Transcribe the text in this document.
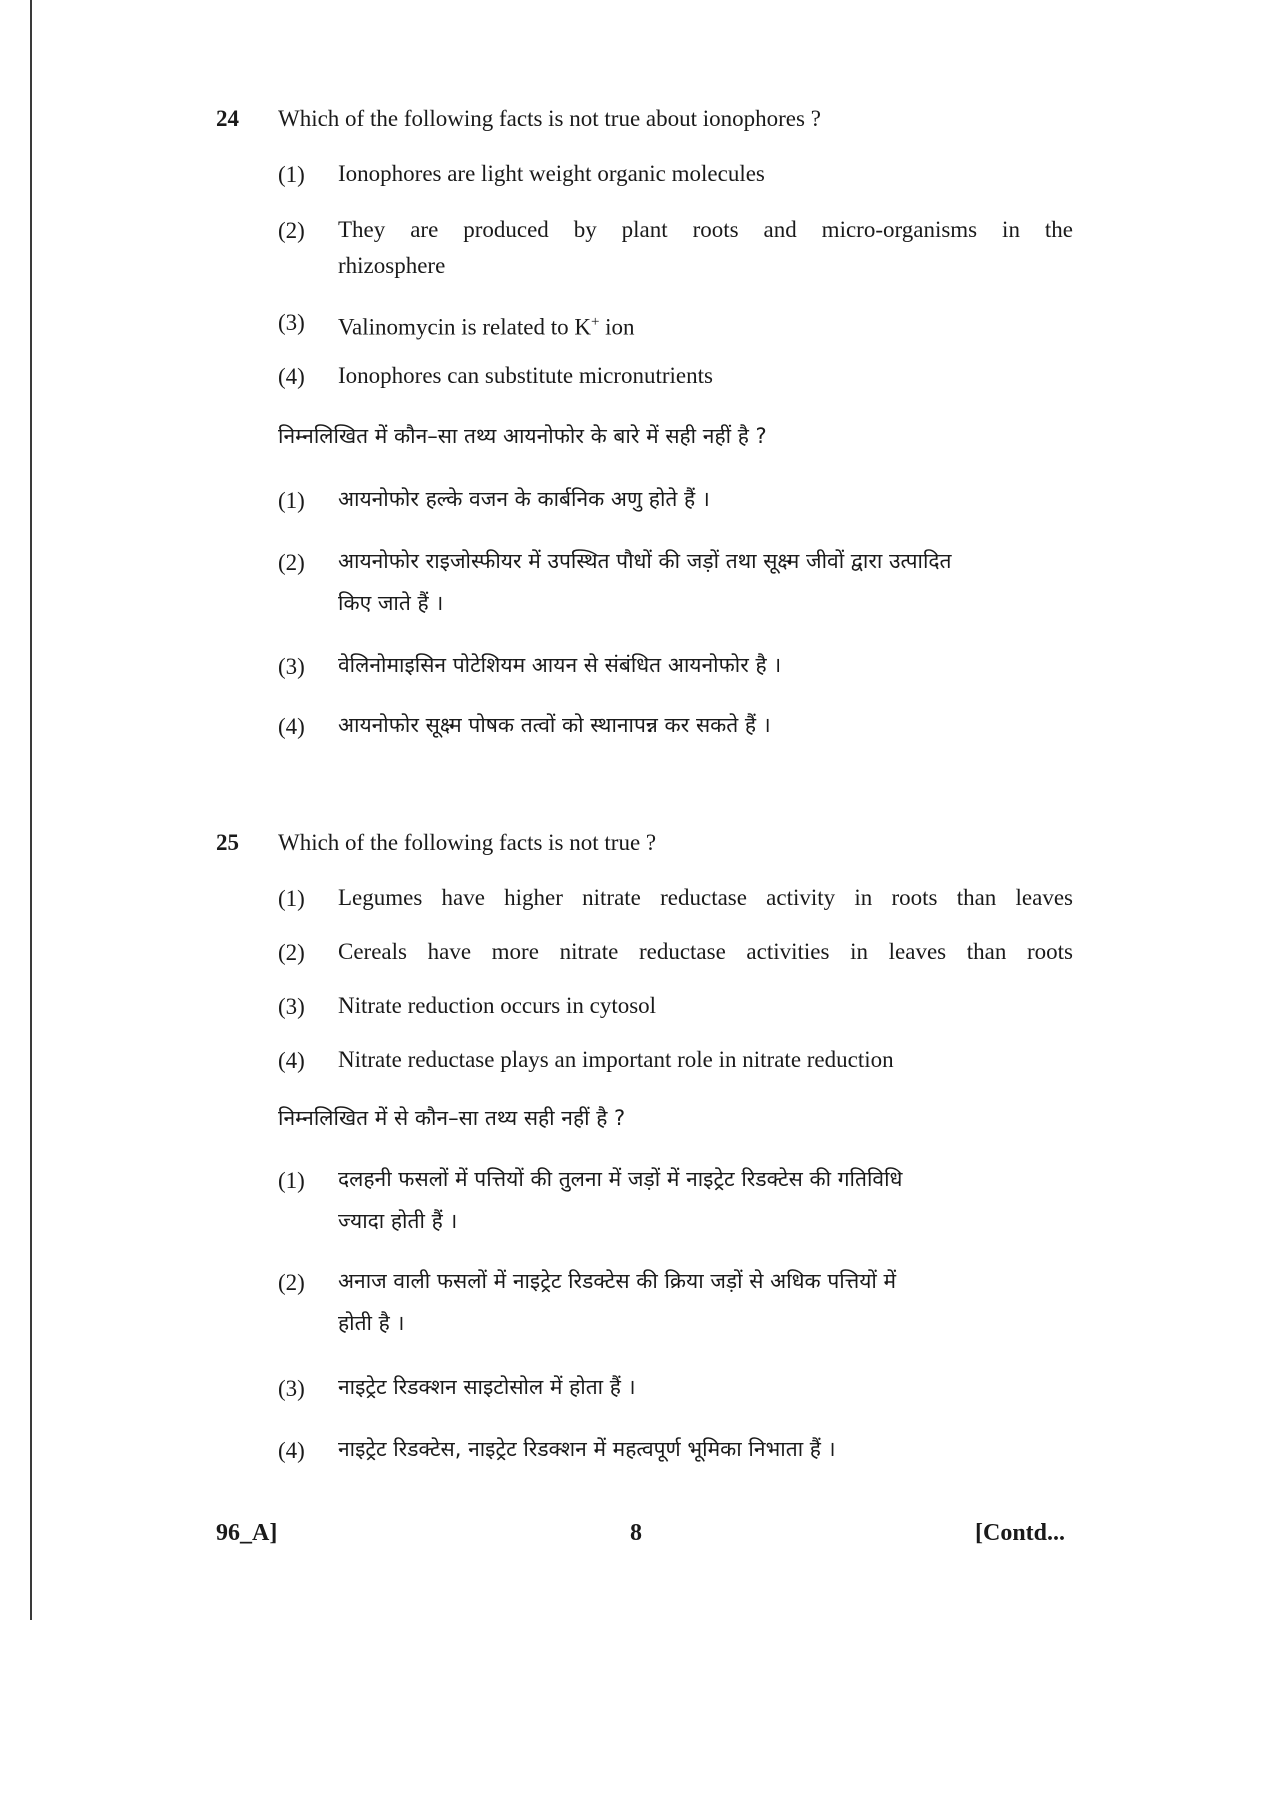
24 Which of the following facts is not true about ionophores ?
(1) Ionophores are light weight organic molecules
(2) They are produced by plant roots and micro-organisms in the
rhizosphere
(3) Valinomycin is related to K+ ion
(4) Ionophores can substitute micronutrients
निम्नलिखित में कौन–सा तथ्य आयनोफोर के बारे में सही नहीं है ?
(1) आयनोफोर हल्के वजन के कार्बनिक अणु होते हैं ।
(2) आयनोफोर राइजोस्फीयर में उपस्थित पौधों की जड़ों तथा सूक्ष्म जीवों द्वारा उत्पादित
किए जाते हैं ।
(3) वेलिनोमाइसिन पोटेशियम आयन से संबंधित आयनोफोर है ।
(4) आयनोफोर सूक्ष्म पोषक तत्वों को स्थानापन्न कर सकते हैं ।
25 Which of the following facts is not true ?
(1) Legumes have higher nitrate reductase activity in roots than leaves
(2) Cereals have more nitrate reductase activities in leaves than roots
(3) Nitrate reduction occurs in cytosol
(4) Nitrate reductase plays an important role in nitrate reduction
निम्नलिखित में से कौन–सा तथ्य सही नहीं है ?
(1) दलहनी फसलों में पत्तियों की तुलना में जड़ों में नाइट्रेट रिडक्टेस की गतिविधि
ज्यादा होती हैं ।
(2) अनाज वाली फसलों में नाइट्रेट रिडक्टेस की क्रिया जड़ों से अधिक पत्तियों में
होती है ।
(3) नाइट्रेट रिडक्शन साइटोसोल में होता हैं ।
(4) नाइट्रेट रिडक्टेस, नाइट्रेट रिडक्शन में महत्वपूर्ण भूमिका निभाता हैं ।
96_A]	8	[Contd...
